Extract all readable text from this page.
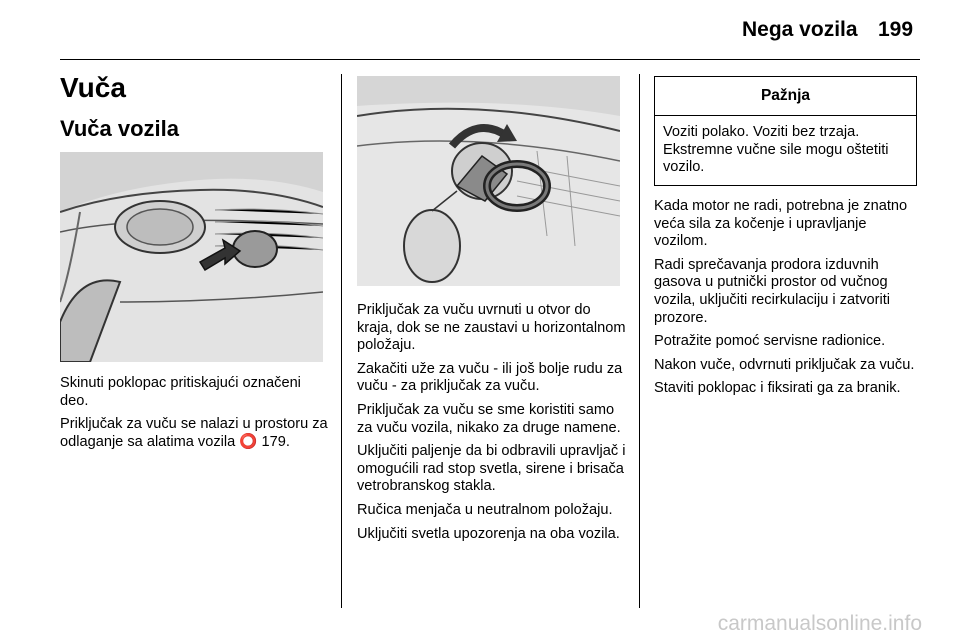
Nega vozila 199
Vuča
Vuča vozila

Skinuti poklopac pritiskajući označeni deo.

Priključak za vuču se nalazi u prostoru za odlaganje sa alatima vozila ⭕ 179.

Priključak za vuču uvrnuti u otvor do kraja, dok se ne zaustavi u horizontalnom položaju.

Zakačiti uže za vuču - ili još bolje rudu za vuču - za priključak za vuču.

Priključak za vuču se sme koristiti samo za vuču vozila, nikako za druge namene.

Uključiti paljenje da bi odbravili upravljač i omogućili rad stop svetla, sirene i brisača vetrobranskog stakla.

Ručica menjača u neutralnom položaju.

Uključiti svetla upozorenja na oba vozila.

Pažnja
Voziti polako. Voziti bez trzaja. Ekstremne vučne sile mogu oštetiti vozilo.

Kada motor ne radi, potrebna je znatno veća sila za kočenje i upravljanje vozilom.

Radi sprečavanja prodora izduvnih gasova u putnički prostor od vučnog vozila, uključiti recirkulaciju i zatvoriti prozore.

Potražite pomoć servisne radionice.

Nakon vuče, odvrnuti priključak za vuču.

Staviti poklopac i fiksirati ga za branik.

carmanualsonline.info
